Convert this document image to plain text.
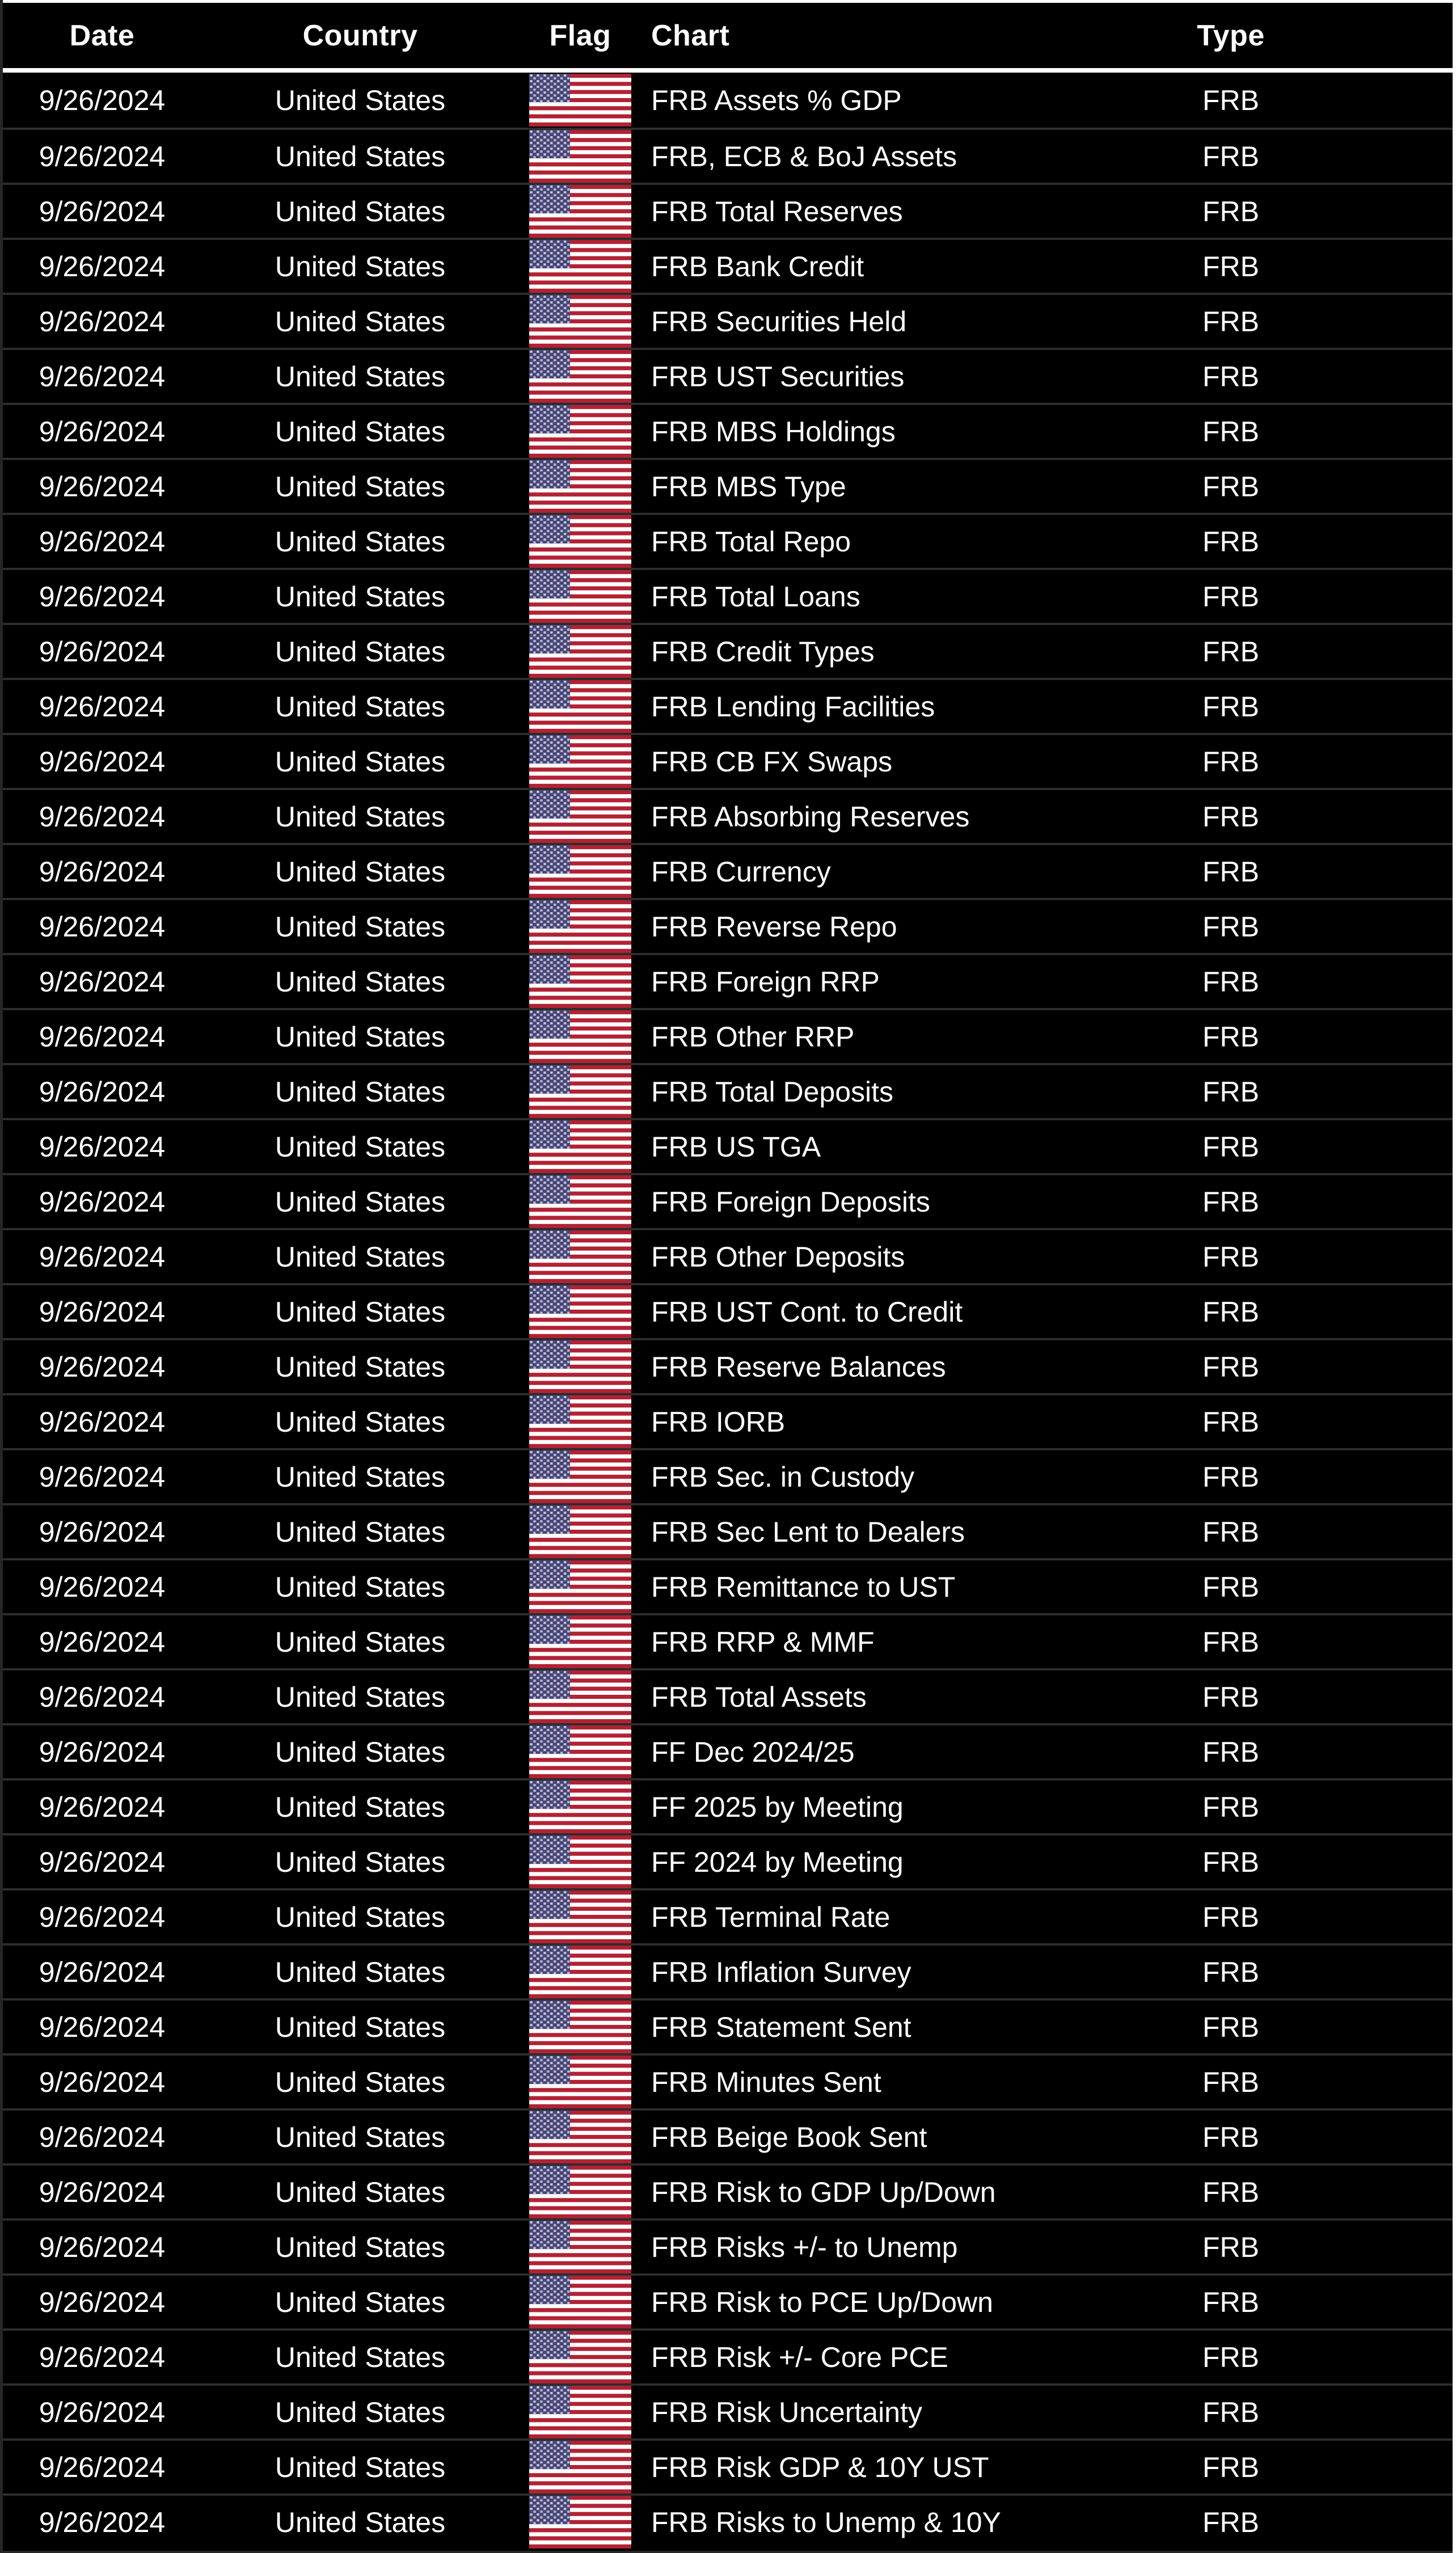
Date	Country	Flag	Chart	Type
9/26/2024	United States	FRB Assets % GDP	FRB
9/26/2024	United States	FRB, ECB & BoJ Assets	FRB
9/26/2024	United States	FRB Total Reserves	FRB
9/26/2024	United States	FRB Bank Credit	FRB
9/26/2024	United States	FRB Securities Held	FRB
9/26/2024	United States	FRB UST Securities	FRB
9/26/2024	United States	FRB MBS Holdings	FRB
9/26/2024	United States	FRB MBS Type	FRB
9/26/2024	United States	FRB Total Repo	FRB
9/26/2024	United States	FRB Total Loans	FRB
9/26/2024	United States	FRB Credit Types	FRB
9/26/2024	United States	FRB Lending Facilities	FRB
9/26/2024	United States	FRB CB FX Swaps	FRB
9/26/2024	United States	FRB Absorbing Reserves	FRB
9/26/2024	United States	FRB Currency	FRB
9/26/2024	United States	FRB Reverse Repo	FRB
9/26/2024	United States	FRB Foreign RRP	FRB
9/26/2024	United States	FRB Other RRP	FRB
9/26/2024	United States	FRB Total Deposits	FRB
9/26/2024	United States	FRB US TGA	FRB
9/26/2024	United States	FRB Foreign Deposits	FRB
9/26/2024	United States	FRB Other Deposits	FRB
9/26/2024	United States	FRB UST Cont. to Credit	FRB
9/26/2024	United States	FRB Reserve Balances	FRB
9/26/2024	United States	FRB IORB	FRB
9/26/2024	United States	FRB Sec. in Custody	FRB
9/26/2024	United States	FRB Sec Lent to Dealers	FRB
9/26/2024	United States	FRB Remittance to UST	FRB
9/26/2024	United States	FRB RRP & MMF	FRB
9/26/2024	United States	FRB Total Assets	FRB
9/26/2024	United States	FF Dec 2024/25	FRB
9/26/2024	United States	FF 2025 by Meeting	FRB
9/26/2024	United States	FF 2024 by Meeting	FRB
9/26/2024	United States	FRB Terminal Rate	FRB
9/26/2024	United States	FRB Inflation Survey	FRB
9/26/2024	United States	FRB Statement Sent	FRB
9/26/2024	United States	FRB Minutes Sent	FRB
9/26/2024	United States	FRB Beige Book Sent	FRB
9/26/2024	United States	FRB Risk to GDP Up/Down	FRB
9/26/2024	United States	FRB Risks +/- to Unemp	FRB
9/26/2024	United States	FRB Risk to PCE Up/Down	FRB
9/26/2024	United States	FRB Risk +/- Core PCE	FRB
9/26/2024	United States	FRB Risk Uncertainty	FRB
9/26/2024	United States	FRB Risk GDP & 10Y UST	FRB
9/26/2024	United States	FRB Risks to Unemp & 10Y	FRB
